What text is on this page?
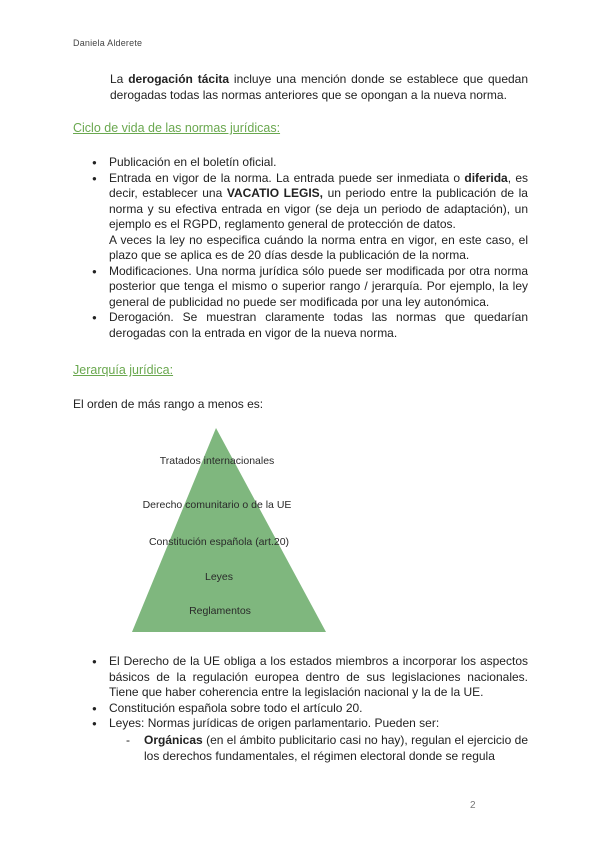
Daniela Alderete
La derogación tácita incluye una mención donde se establece que quedan derogadas todas las normas anteriores que se opongan a la nueva norma.
Ciclo de vida de las normas jurídicas:
● Publicación en el boletín oficial.
● Entrada en vigor de la norma. La entrada puede ser inmediata o diferida, es decir, establecer una VACATIO LEGIS, un periodo entre la publicación de la norma y su efectiva entrada en vigor (se deja un periodo de adaptación), un ejemplo es el RGPD, reglamento general de protección de datos.
A veces la ley no especifica cuándo la norma entra en vigor, en este caso, el plazo que se aplica es de 20 días desde la publicación de la norma.
● Modificaciones. Una norma jurídica sólo puede ser modificada por otra norma posterior que tenga el mismo o superior rango / jerarquía. Por ejemplo, la ley general de publicidad no puede ser modificada por una ley autonómica.
● Derogación. Se muestran claramente todas las normas que quedarían derogadas con la entrada en vigor de la nueva norma.
Jerarquía jurídica:
El orden de más rango a menos es:
Tratados internacionales
Derecho comunitario o de la UE
Constitución española (art.20)
Leyes
Reglamentos
● El Derecho de la UE obliga a los estados miembros a incorporar los aspectos básicos de la regulación europea dentro de sus legislaciones nacionales. Tiene que haber coherencia entre la legislación nacional y la de la UE.
● Constitución española sobre todo el artículo 20.
● Leyes: Normas jurídicas de origen parlamentario. Pueden ser:
- Orgánicas (en el ámbito publicitario casi no hay), regulan el ejercicio de los derechos fundamentales, el régimen electoral donde se regula
2
